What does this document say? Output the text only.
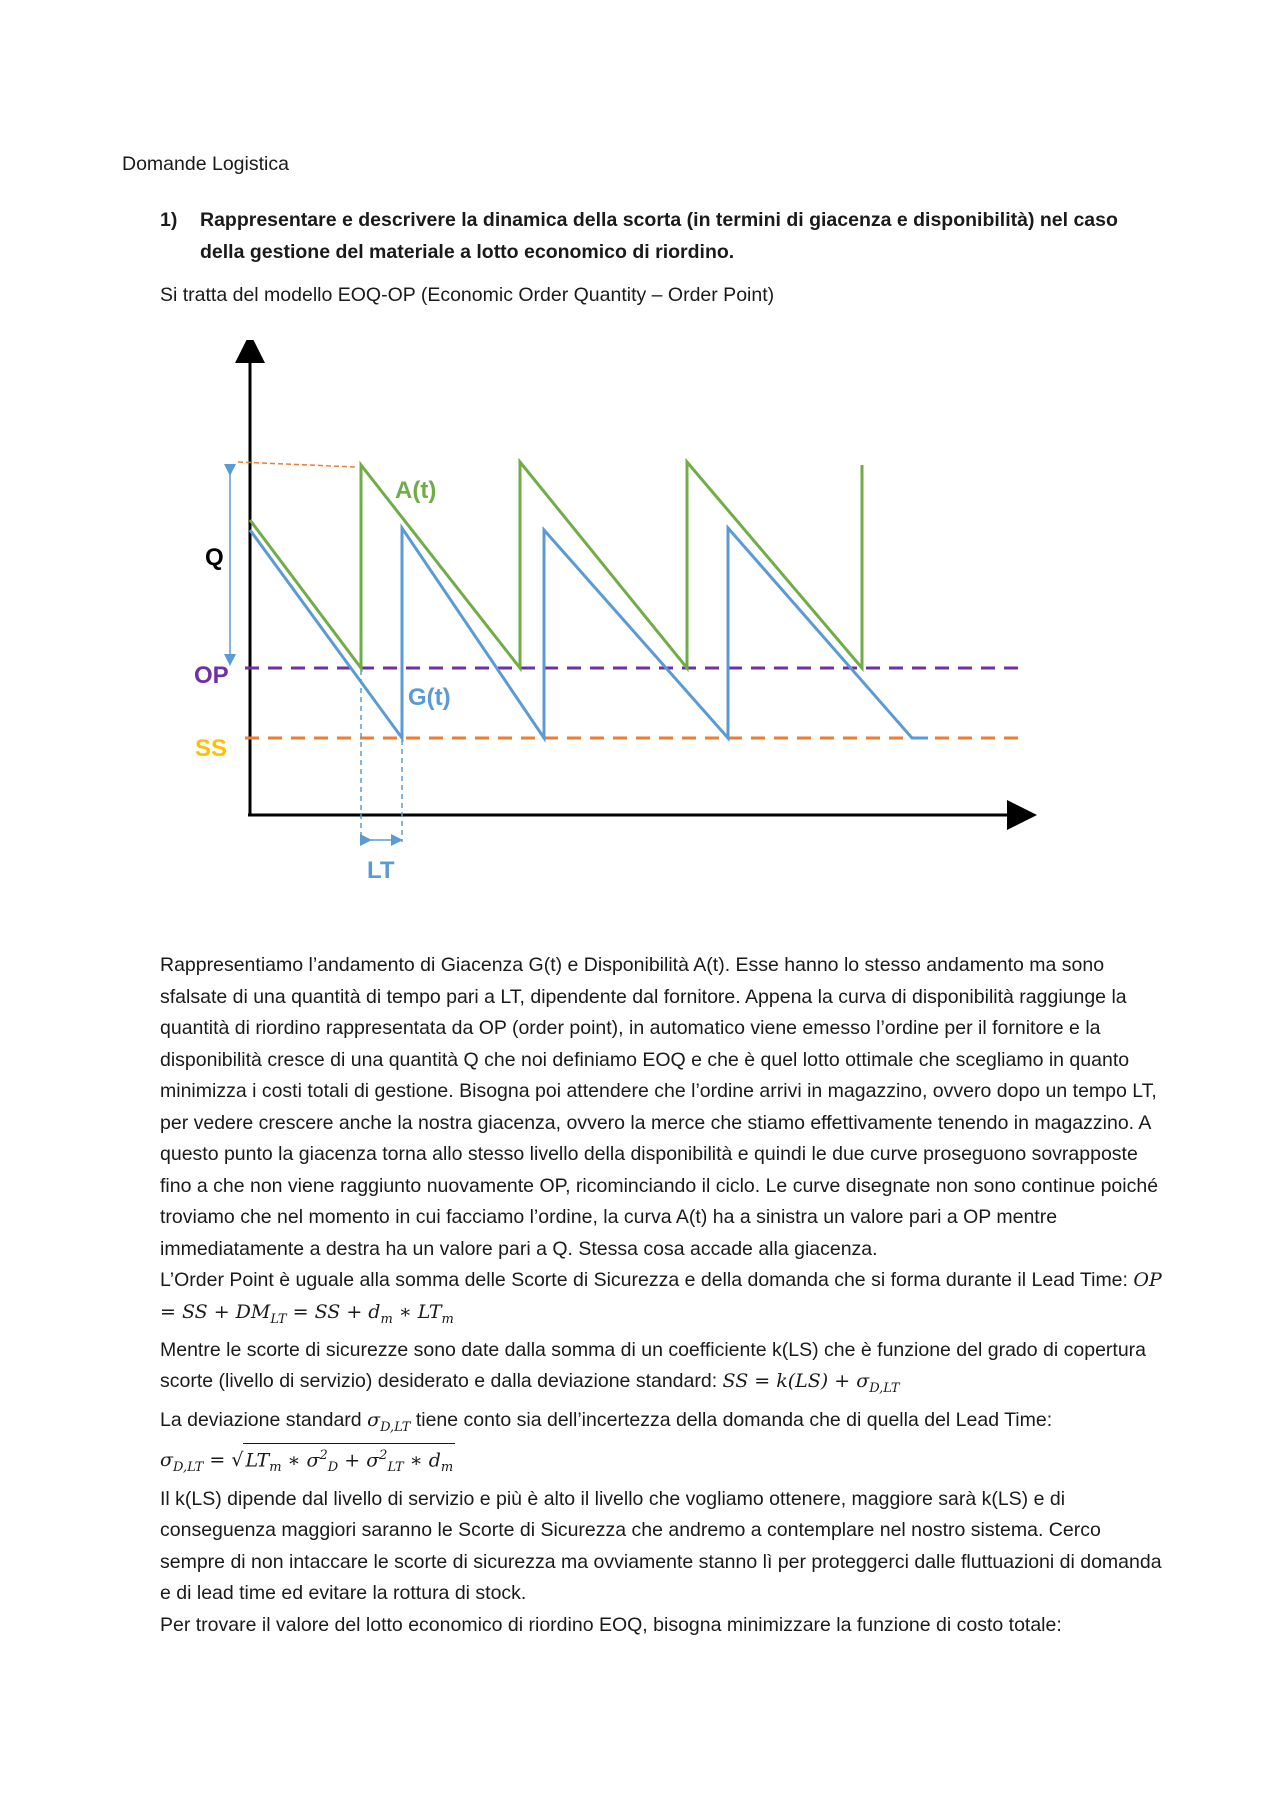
Domande Logistica
1) Rappresentare e descrivere la dinamica della scorta (in termini di giacenza e disponibilità) nel caso della gestione del materiale a lotto economico di riordino.
Si tratta del modello EOQ-OP (Economic Order Quantity – Order Point)
Q
OP
SS
A(t)
G(t)
LT

Rappresentiamo l’andamento di Giacenza G(t) e Disponibilità A(t). Esse hanno lo stesso andamento ma sono sfalsate di una quantità di tempo pari a LT, dipendente dal fornitore. Appena la curva di disponibilità raggiunge la quantità di riordino rappresentata da OP (order point), in automatico viene emesso l’ordine per il fornitore e la disponibilità cresce di una quantità Q che noi definiamo EOQ e che è quel lotto ottimale che scegliamo in quanto minimizza i costi totali di gestione. Bisogna poi attendere che l’ordine arrivi in magazzino, ovvero dopo un tempo LT, per vedere crescere anche la nostra giacenza, ovvero la merce che stiamo effettivamente tenendo in magazzino. A questo punto la giacenza torna allo stesso livello della disponibilità e quindi le due curve proseguono sovrapposte fino a che non viene raggiunto nuovamente OP, ricominciando il ciclo. Le curve disegnate non sono continue poiché troviamo che nel momento in cui facciamo l’ordine, la curva A(t) ha a sinistra un valore pari a OP mentre immediatamente a destra ha un valore pari a Q. Stessa cosa accade alla giacenza.

L’Order Point è uguale alla somma delle Scorte di Sicurezza e della domanda che si forma durante il Lead Time: OP = SS + $DM_{LT}$ = SS + $d_m$ ∗ $LT_m$

Mentre le scorte di sicurezze sono date dalla somma di un coefficiente k(LS) che è funzione del grado di copertura scorte (livello di servizio) desiderato e dalla deviazione standard: SS = $k(LS) + \sigma_{D,LT}$

La deviazione standard $\sigma_{D,LT}$ tiene conto sia dell’incertezza della domanda che di quella del Lead Time:

$\sigma_{D,LT}$ = √ $LT_m$ ∗ $\sigma^2_D + \sigma^2_{LT}$ ∗ $d_m$

Il k(LS) dipende dal livello di servizio e più è alto il livello che vogliamo ottenere, maggiore sarà k(LS) e di conseguenza maggiori saranno le Scorte di Sicurezza che andremo a contemplare nel nostro sistema. Cerco sempre di non intaccare le scorte di sicurezza ma ovviamente stanno lì per proteggerci dalle fluttuazioni di domanda e di lead time ed evitare la rottura di stock.

Per trovare il valore del lotto economico di riordino EOQ, bisogna minimizzare la funzione di costo totale:
